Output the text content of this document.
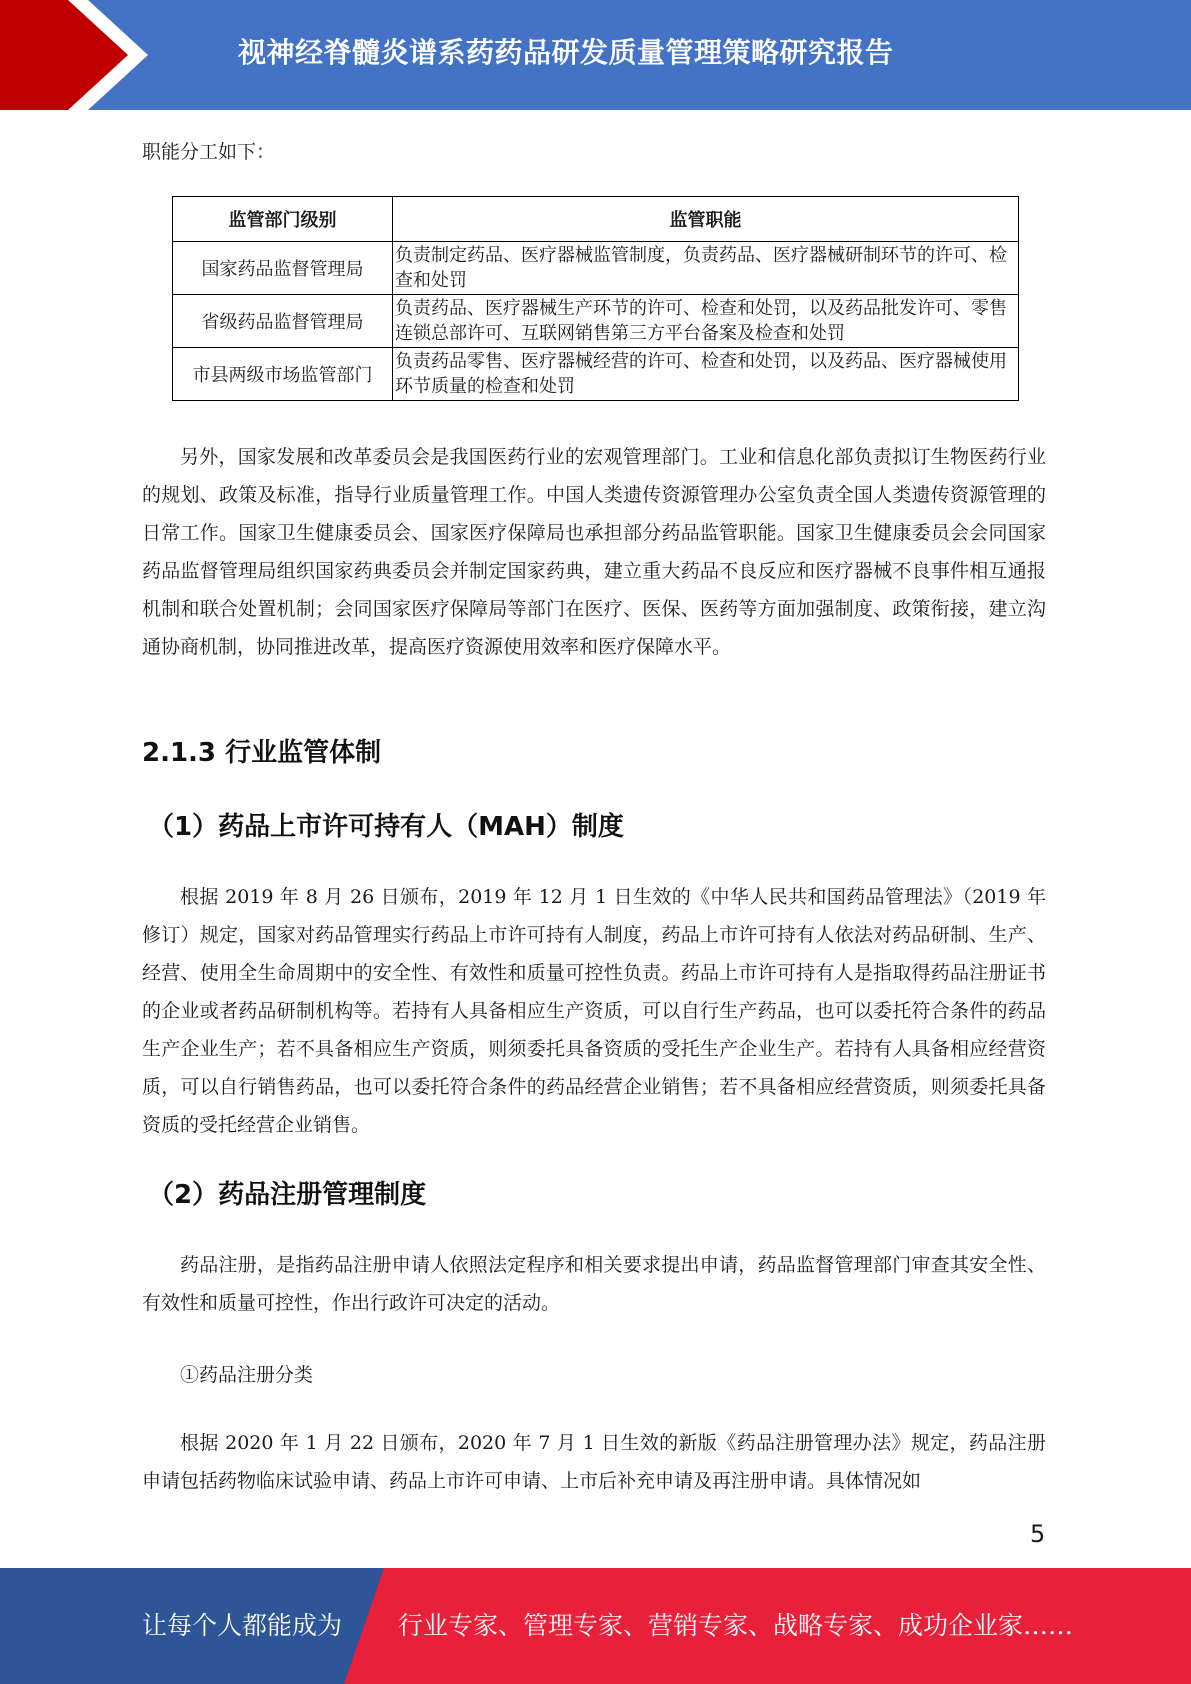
视神经脊髓炎谱系药药品研发质量管理策略研究报告
职能分工如下：
监管部门级别	监管职能
国家药品监督管理局	负责制定药品、医疗器械监管制度，负责药品、医疗器械研制环节的许可、检查和处罚
省级药品监督管理局	负责药品、医疗器械生产环节的许可、检查和处罚，以及药品批发许可、零售连锁总部许可、互联网销售第三方平台备案及检查和处罚
市县两级市场监管部门	负责药品零售、医疗器械经营的许可、检查和处罚，以及药品、医疗器械使用环节质量的检查和处罚

另外，国家发展和改革委员会是我国医药行业的宏观管理部门。工业和信息化部负责拟订生物医药行业的规划、政策及标准，指导行业质量管理工作。中国人类遗传资源管理办公室负责全国人类遗传资源管理的日常工作。国家卫生健康委员会、国家医疗保障局也承担部分药品监管职能。国家卫生健康委员会会同国家药品监督管理局组织国家药典委员会并制定国家药典，建立重大药品不良反应和医疗器械不良事件相互通报机制和联合处置机制；会同国家医疗保障局等部门在医疗、医保、医药等方面加强制度、政策衔接，建立沟通协商机制，协同推进改革，提高医疗资源使用效率和医疗保障水平。

2.1.3 行业监管体制
（1）药品上市许可持有人（MAH）制度

根据 2019 年 8 月 26 日颁布，2019 年 12 月 1 日生效的《中华人民共和国药品管理法》（2019 年修订）规定，国家对药品管理实行药品上市许可持有人制度，药品上市许可持有人依法对药品研制、生产、经营、使用全生命周期中的安全性、有效性和质量可控性负责。药品上市许可持有人是指取得药品注册证书的企业或者药品研制机构等。若持有人具备相应生产资质，可以自行生产药品，也可以委托符合条件的药品生产企业生产；若不具备相应生产资质，则须委托具备资质的受托生产企业生产。若持有人具备相应经营资质，可以自行销售药品，也可以委托符合条件的药品经营企业销售；若不具备相应经营资质，则须委托具备资质的受托经营企业销售。

（2）药品注册管理制度

药品注册，是指药品注册申请人依照法定程序和相关要求提出申请，药品监督管理部门审查其安全性、有效性和质量可控性，作出行政许可决定的活动。

①药品注册分类

根据 2020 年 1 月 22 日颁布，2020 年 7 月 1 日生效的新版《药品注册管理办法》规定，药品注册申请包括药物临床试验申请、药品上市许可申请、上市后补充申请及再注册申请。具体情况如

5
让每个人都能成为 行业专家、管理专家、营销专家、战略专家、成功企业家……
